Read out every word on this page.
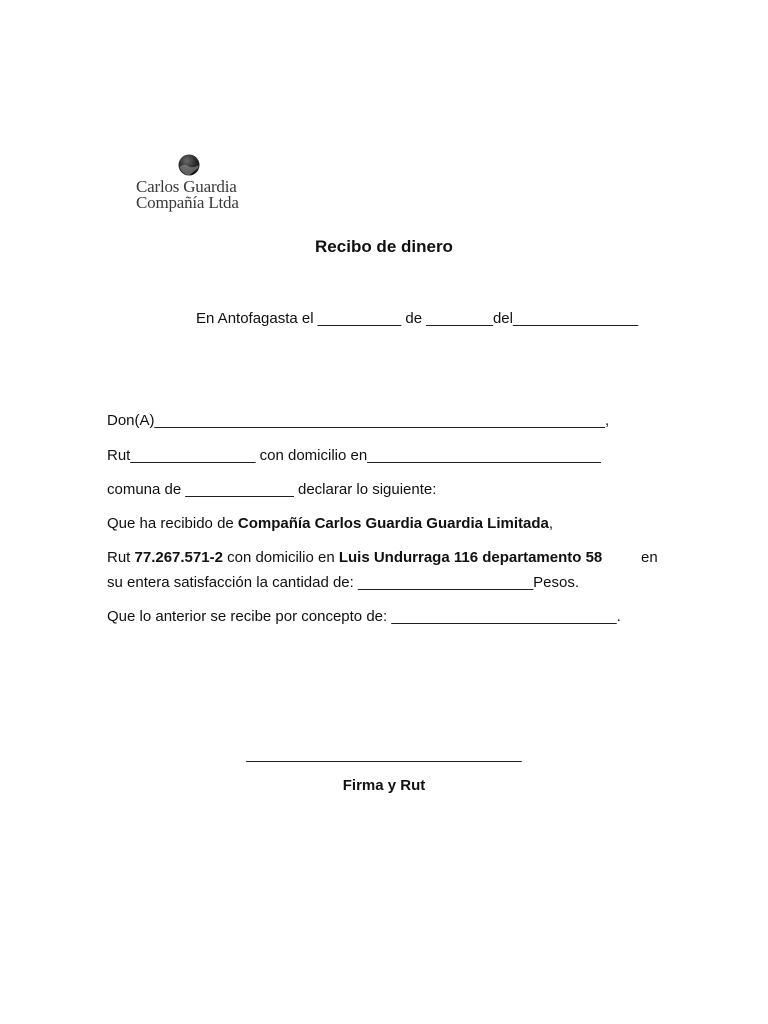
Carlos Guardia
Compañía Ltda
Recibo de dinero
En Antofagasta el __________ de ________del_______________
Don(A)______________________________________________________,
Rut_______________ con domicilio en____________________________
comuna de _____________ declarar lo siguiente:
Que ha recibido de Compañía Carlos Guardia Guardia Limitada,
Rut 77.267.571-2 con domicilio en Luis Undurraga 116 departamento 58	en
su entera satisfacción la cantidad de: _____________________Pesos.
Que lo anterior se recibe por concepto de: ___________________________.
_________________________________
Firma y Rut
